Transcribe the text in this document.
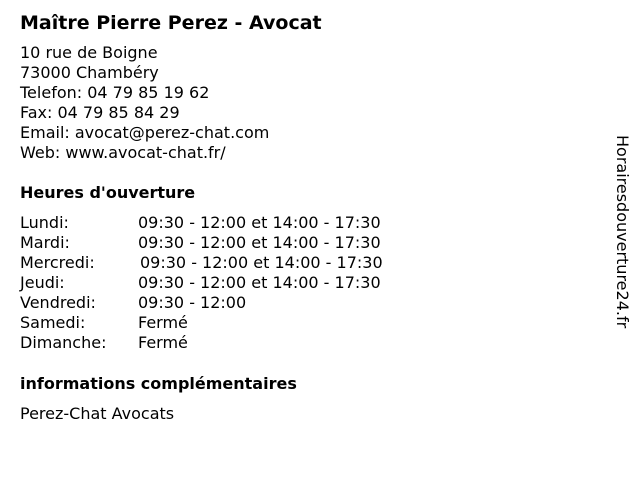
Maître Pierre Perez - Avocat
10 rue de Boigne
73000 Chambéry
Telefon: 04 79 85 19 62
Fax: 04 79 85 84 29
Email: avocat@perez-chat.com
Web: www.avocat-chat.fr/
Heures d'ouverture
Lundi:	09:30 - 12:00 et 14:00 - 17:30
Mardi:	09:30 - 12:00 et 14:00 - 17:30
Mercredi:	09:30 - 12:00 et 14:00 - 17:30
Jeudi:	09:30 - 12:00 et 14:00 - 17:30
Vendredi:	09:30 - 12:00
Samedi:	Fermé
Dimanche: Fermé
informations complémentaires
Perez-Chat Avocats
Horairesdouverture24.fr
